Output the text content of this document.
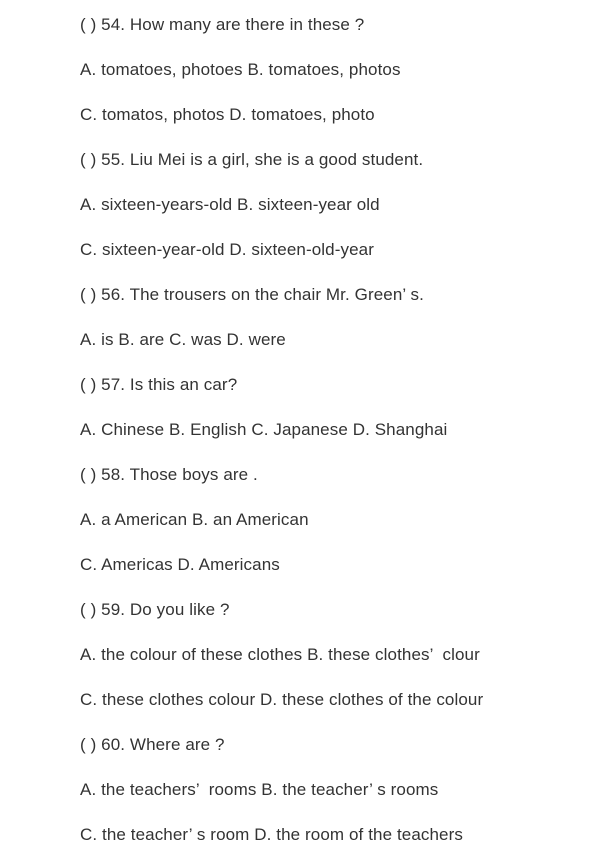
( ) 54. How many are there in these ?
A. tomatoes, photoes B. tomatoes, photos
C. tomatos, photos D. tomatoes, photo
( ) 55. Liu Mei is a girl, she is a good student.
A. sixteen-years-old B. sixteen-year old
C. sixteen-year-old D. sixteen-old-year
( ) 56. The trousers on the chair Mr. Green’ s.
A. is B. are C. was D. were
( ) 57. Is this an car?
A. Chinese B. English C. Japanese D. Shanghai
( ) 58. Those boys are .
A. a American B. an American
C. Americas D. Americans
( ) 59. Do you like ?
A. the colour of these clothes B. these clothes’  clour
C. these clothes colour D. these clothes of the colour
( ) 60. Where are ?
A. the teachers’  rooms B. the teacher’ s rooms
C. the teacher’ s room D. the room of the teachers
